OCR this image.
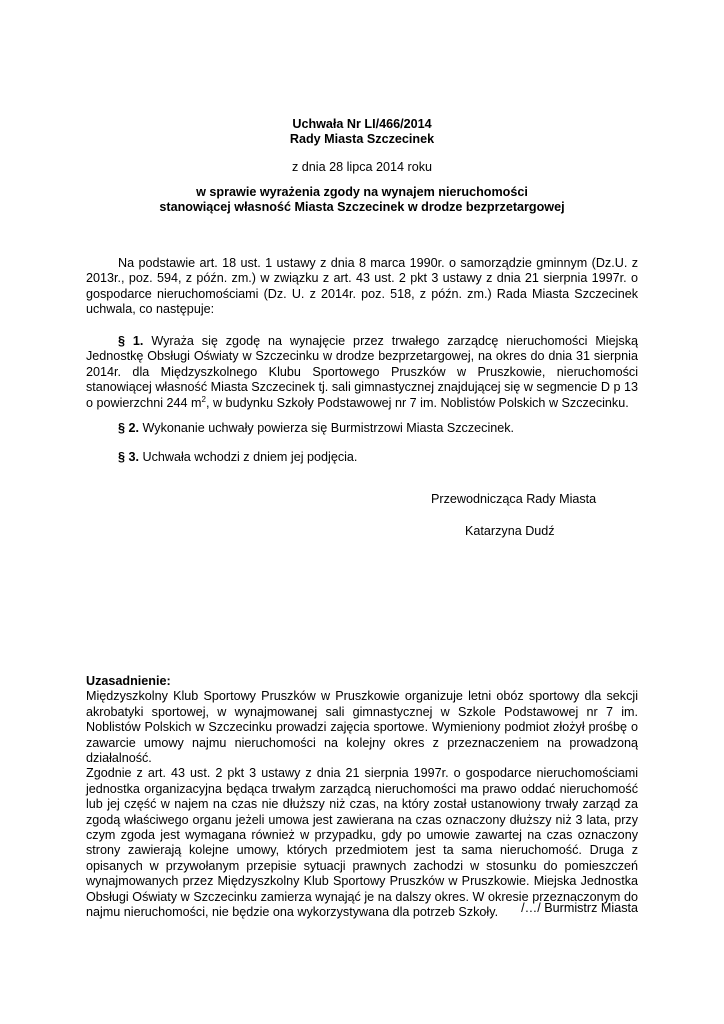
Uchwała Nr LI/466/2014
Rady Miasta Szczecinek
z dnia 28 lipca 2014 roku
w sprawie wyrażenia zgody na wynajem nieruchomości
stanowiącej własność Miasta Szczecinek w drodze bezprzetargowej

Na podstawie art. 18 ust. 1 ustawy z dnia 8 marca 1990r. o samorządzie gminnym (Dz.U. z 2013r., poz. 594, z późn. zm.) w związku z art. 43 ust. 2 pkt 3 ustawy z dnia 21 sierpnia 1997r. o gospodarce nieruchomościami (Dz. U. z 2014r. poz. 518, z późn. zm.) Rada Miasta Szczecinek uchwala, co następuje:

§ 1. Wyraża się zgodę na wynajęcie przez trwałego zarządcę nieruchomości Miejską Jednostkę Obsługi Oświaty w Szczecinku w drodze bezprzetargowej, na okres do dnia 31 sierpnia 2014r. dla Międzyszkolnego Klubu Sportowego Pruszków w Pruszkowie, nieruchomości stanowiącej własność Miasta Szczecinek tj. sali gimnastycznej znajdującej się w segmencie D p 13 o powierzchni 244 $m^2$, w budynku Szkoły Podstawowej nr 7 im. Noblistów Polskich w Szczecinku.

§ 2. Wykonanie uchwały powierza się Burmistrzowi Miasta Szczecinek.

§ 3. Uchwała wchodzi z dniem jej podjęcia.

Przewodnicząca Rady Miasta
Katarzyna Dudź

Uzasadnienie:

Międzyszkolny Klub Sportowy Pruszków w Pruszkowie organizuje letni obóz sportowy dla sekcji akrobatyki sportowej, w wynajmowanej sali gimnastycznej w Szkole Podstawowej nr 7 im. Noblistów Polskich w Szczecinku prowadzi zajęcia sportowe. Wymieniony podmiot złożył prośbę o zawarcie umowy najmu nieruchomości na kolejny okres z przeznaczeniem na prowadzoną działalność.

Zgodnie z art. 43 ust. 2 pkt 3 ustawy z dnia 21 sierpnia 1997r. o gospodarce nieruchomościami jednostka organizacyjna będąca trwałym zarządcą nieruchomości ma prawo oddać nieruchomość lub jej część w najem na czas nie dłuższy niż czas, na który został ustanowiony trwały zarząd za zgodą właściwego organu jeżeli umowa jest zawierana na czas oznaczony dłuższy niż 3 lata, przy czym zgoda jest wymagana również w przypadku, gdy po umowie zawartej na czas oznaczony strony zawierają kolejne umowy, których przedmiotem jest ta sama nieruchomość. Druga z opisanych w przywołanym przepisie sytuacji prawnych zachodzi w stosunku do pomieszczeń wynajmowanych przez Międzyszkolny Klub Sportowy Pruszków w Pruszkowie. Miejska Jednostka Obsługi Oświaty w Szczecinku zamierza wynająć je na dalszy okres. W okresie przeznaczonym do najmu nieruchomości, nie będzie ona wykorzystywana dla potrzeb Szkoły.	/…/ Burmistrz Miasta
